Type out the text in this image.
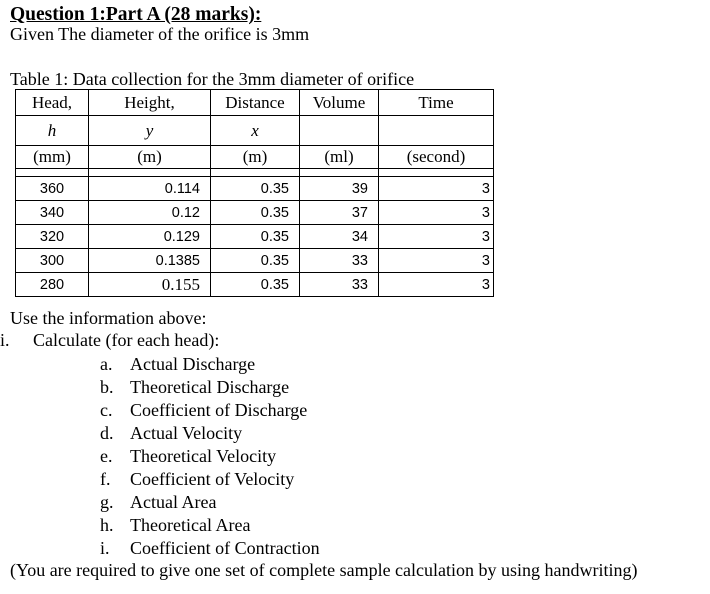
Question 1:Part A (28 marks):
Given The diameter of the orifice is 3mm
Table 1: Data collection for the 3mm diameter of orifice
Head,	Height,	Distance	Volume	Time
h	y	x		
(mm)	(m)	(m)	(ml)	(second)

360	0.114	0.35	39	3
340	0.12	0.35	37	3
320	0.129	0.35	34	3
300	0.1385	0.35	33	3
280	0.155	0.35	33	3
Use the information above:
i. Calculate (for each head):
a. Actual Discharge
b. Theoretical Discharge
c. Coefficient of Discharge
d. Actual Velocity
e. Theoretical Velocity
f. Coefficient of Velocity
g. Actual Area
h. Theoretical Area
i. Coefficient of Contraction
(You are required to give one set of complete sample calculation by using handwriting)
